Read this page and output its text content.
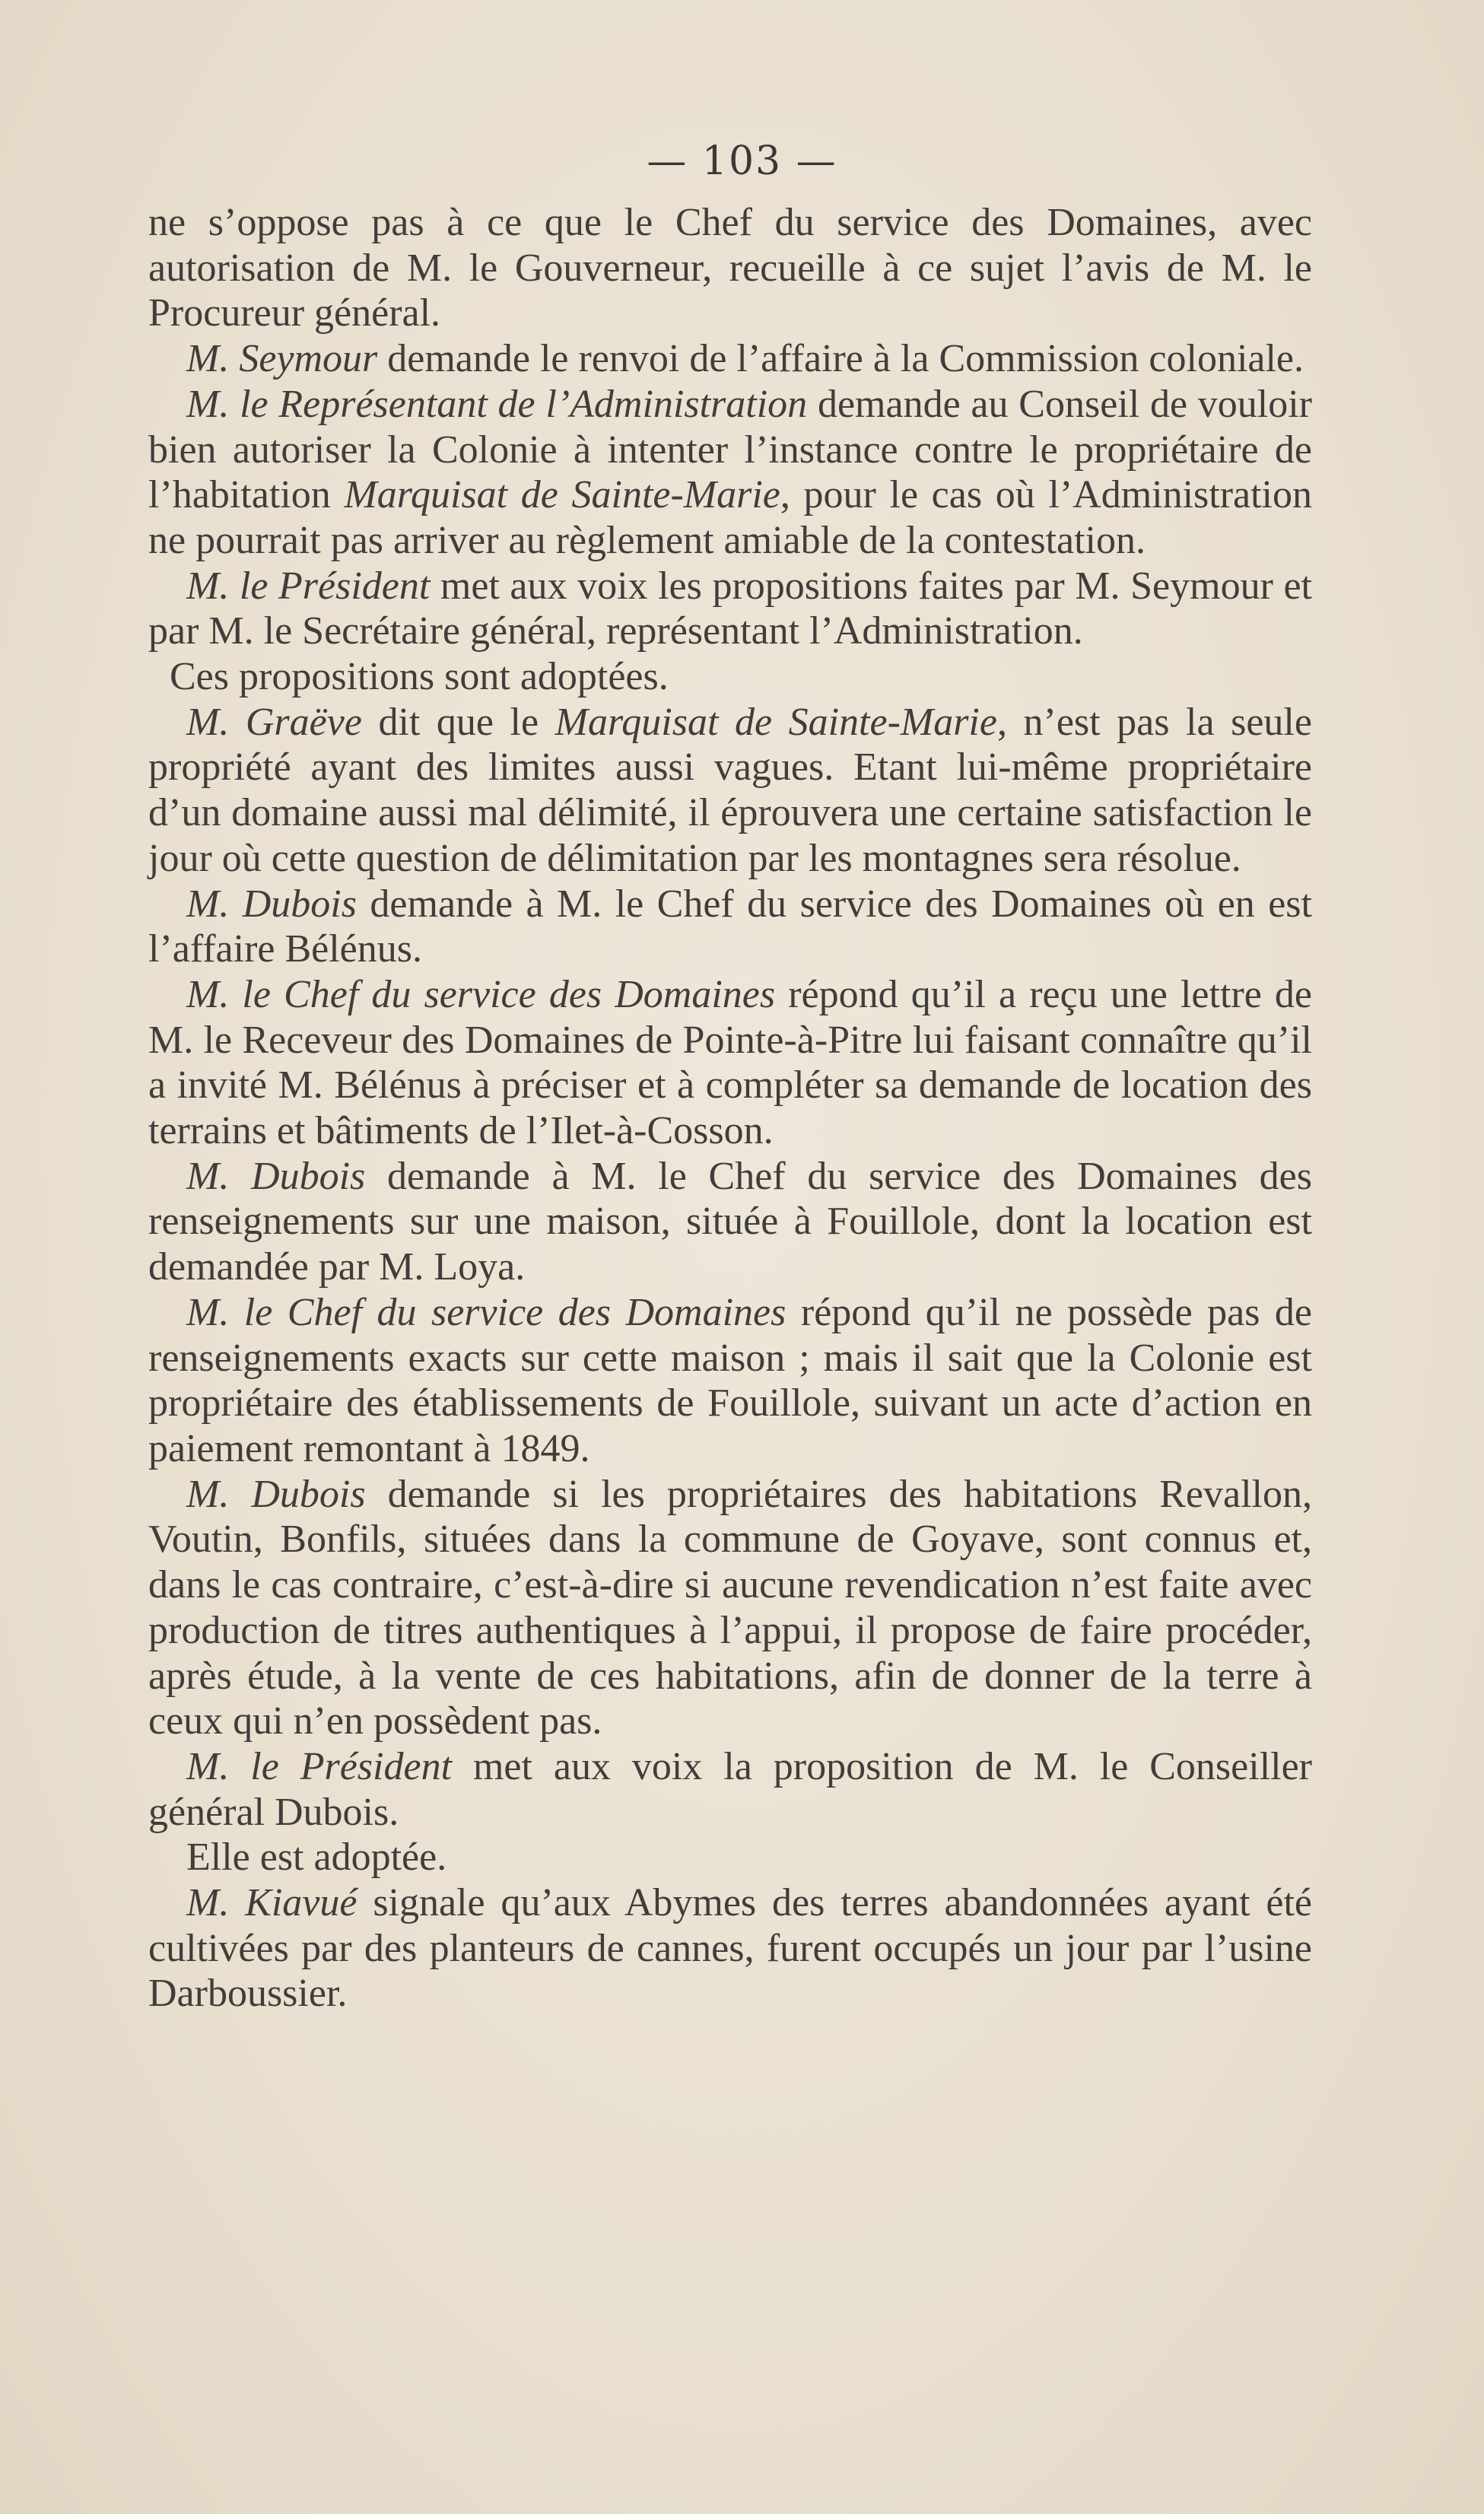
— 103 —

ne s’oppose pas à ce que le Chef du service des Domaines, avec autorisation de M. le Gouverneur, recueille à ce sujet l’avis de M. le Procureur général.

M. Seymour demande le renvoi de l’affaire à la Commission coloniale.

M. le Représentant de l’Administration demande au Conseil de vouloir bien autoriser la Colonie à intenter l’instance contre le propriétaire de l’habitation Marquisat de Sainte-Marie, pour le cas où l’Administration ne pourrait pas arriver au règlement amiable de la contestation.

M. le Président met aux voix les propositions faites par M. Seymour et par M. le Secrétaire général, représentant l’Administration.

Ces propositions sont adoptées.

M. Graëve dit que le Marquisat de Sainte-Marie, n’est pas la seule propriété ayant des limites aussi vagues. Etant lui-même propriétaire d’un domaine aussi mal délimité, il éprouvera une certaine satisfaction le jour où cette question de délimitation par les montagnes sera résolue.

M. Dubois demande à M. le Chef du service des Domaines où en est l’affaire Bélénus.

M. le Chef du service des Domaines répond qu’il a reçu une lettre de M. le Receveur des Domaines de Pointe-à-Pitre lui faisant connaître qu’il a invité M. Bélénus à préciser et à compléter sa demande de location des terrains et bâtiments de l’Ilet-à-Cosson.

M. Dubois demande à M. le Chef du service des Domaines des renseignements sur une maison, située à Fouillole, dont la location est demandée par M. Loya.

M. le Chef du service des Domaines répond qu’il ne possède pas de renseignements exacts sur cette maison ; mais il sait que la Colonie est propriétaire des établissements de Fouillole, suivant un acte d’action en paiement remontant à 1849.

M. Dubois demande si les propriétaires des habitations Revallon, Voutin, Bonfils, situées dans la commune de Goyave, sont connus et, dans le cas contraire, c’est-à-dire si aucune revendication n’est faite avec production de titres authentiques à l’appui, il propose de faire procéder, après étude, à la vente de ces habitations, afin de donner de la terre à ceux qui n’en possèdent pas.

M. le Président met aux voix la proposition de M. le Conseiller général Dubois.

Elle est adoptée.

M. Kiavué signale qu’aux Abymes des terres abandonnées ayant été cultivées par des planteurs de cannes, furent occupés un jour par l’usine Darboussier.
